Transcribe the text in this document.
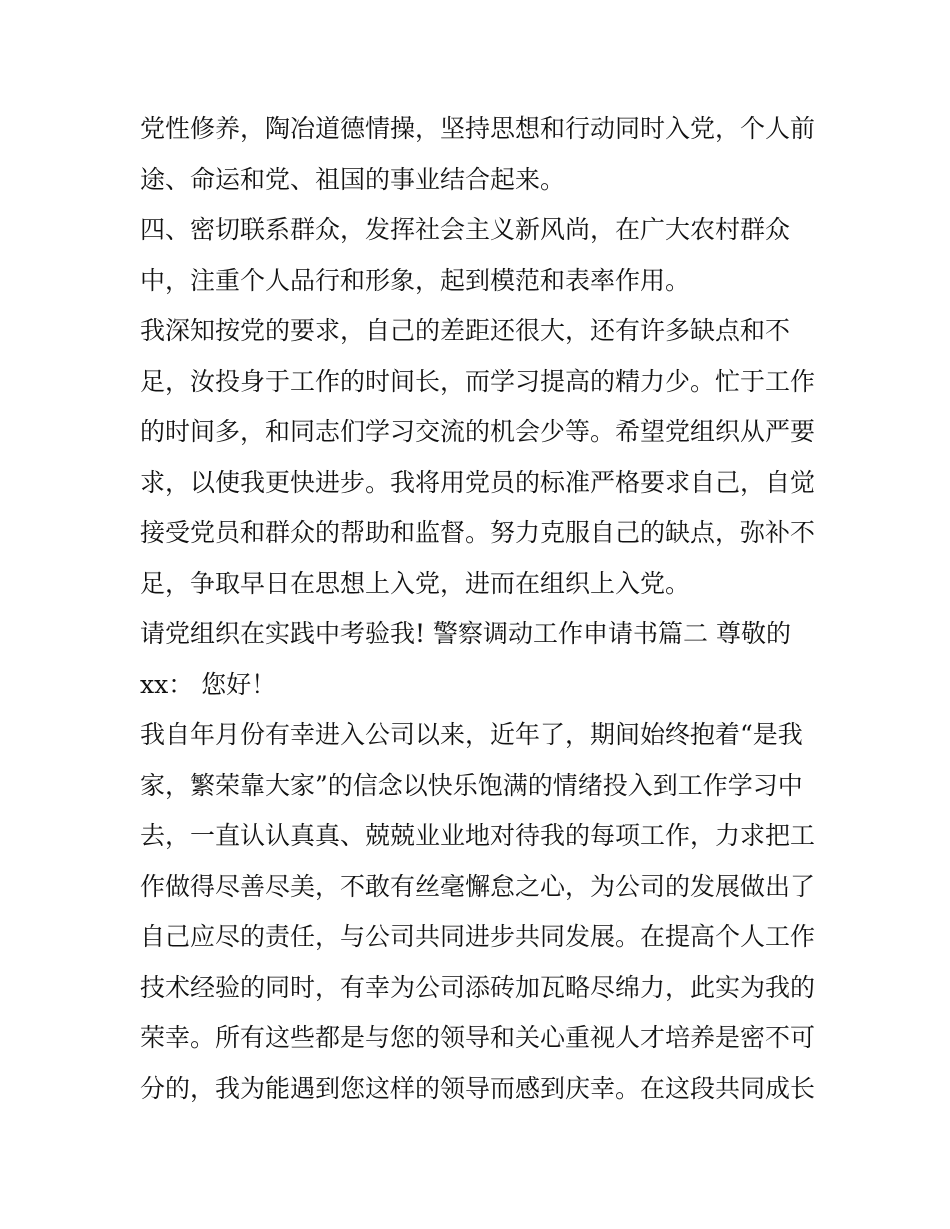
党性修养，陶冶道德情操，坚持思想和行动同时入党，个人前
途、命运和党、祖国的事业结合起来。
四、密切联系群众，发挥社会主义新风尚，在广大农村群众
中，注重个人品行和形象，起到模范和表率作用。
我深知按党的要求，自己的差距还很大，还有许多缺点和不
足，汝投身于工作的时间长，而学习提高的精力少。忙于工作
的时间多，和同志们学习交流的机会少等。希望党组织从严要
求，以使我更快进步。我将用党员的标准严格要求自己，自觉
接受党员和群众的帮助和监督。努力克服自己的缺点，弥补不
足，争取早日在思想上入党，进而在组织上入党。
请党组织在实践中考验我! 警察调动工作申请书篇二 尊敬的
xx： 您好！
我自年月份有幸进入公司以来，近年了，期间始终抱着“是我
家，繁荣靠大家”的信念以快乐饱满的情绪投入到工作学习中
去，一直认认真真、兢兢业业地对待我的每项工作，力求把工
作做得尽善尽美，不敢有丝毫懈怠之心，为公司的发展做出了
自己应尽的责任，与公司共同进步共同发展。在提高个人工作
技术经验的同时，有幸为公司添砖加瓦略尽绵力，此实为我的
荣幸。所有这些都是与您的领导和关心重视人才培养是密不可
分的，我为能遇到您这样的领导而感到庆幸。在这段共同成长
